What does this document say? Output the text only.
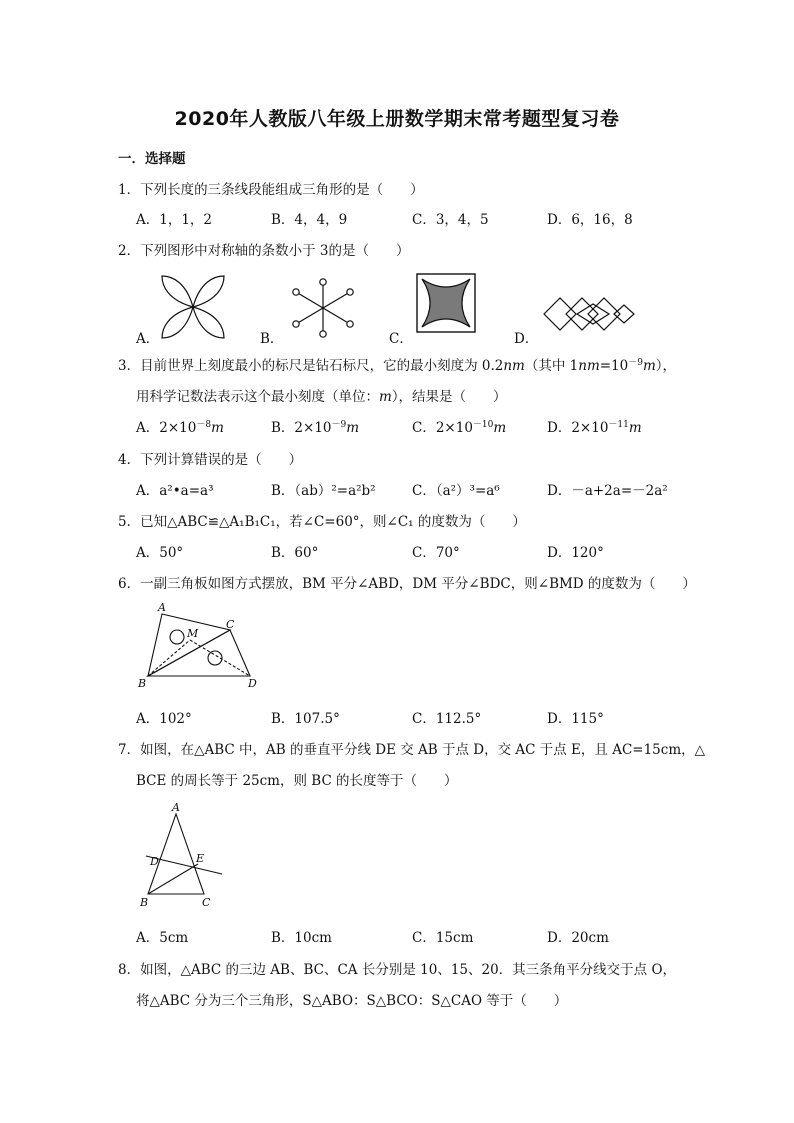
2020年人教版八年级上册数学期末常考题型复习卷
一．选择题
1．下列长度的三条线段能组成三角形的是（　　）
A．1，1，2	B．4，4，9	C．3，4，5	D．6，16，8
2．下列图形中对称轴的条数小于 3的是（　　）
A．	B．	C．	D．
3．目前世界上刻度最小的标尺是钻石标尺，它的最小刻度为 0.2nm（其中 $1nm=10^{-9}m$），
用科学记数法表示这个最小刻度（单位：m），结果是（　　）
A．$2\times 10^{-8}m$	B．$2\times 10^{-9}m$	C．$2\times 10^{-10}m$	D．$2\times 10^{-11}m$
4．下列计算错误的是（　　）
A．a²•a=a³	B．（ab）²=a²b²	C．（a²）³=a⁶	D．－a+2a=－2a²
5．已知△ABC≌△A₁B₁C₁，若∠C=60°，则∠C₁ 的度数为（　　）
A．50°	B．60°	C．70°	D．120°
6．一副三角板如图方式摆放，BM 平分∠ABD，DM 平分∠BDC，则∠BMD 的度数为（　　）
A
C
M
B	D
A．102°	B．107.5°	C．112.5°	D．115°
7．如图，在△ABC 中，AB 的垂直平分线 DE 交 AB 于点 D，交 AC 于点 E，且 AC=15cm，△
BCE 的周长等于 25cm，则 BC 的长度等于（　　）
A
D	E
B	C
A．5cm	B．10cm	C．15cm	D．20cm
8．如图，△ABC 的三边 AB、BC、CA 长分别是 10、15、20．其三条角平分线交于点 O，
将△ABC 分为三个三角形，S△ABO：S△BCO：S△CAO 等于（　　）
